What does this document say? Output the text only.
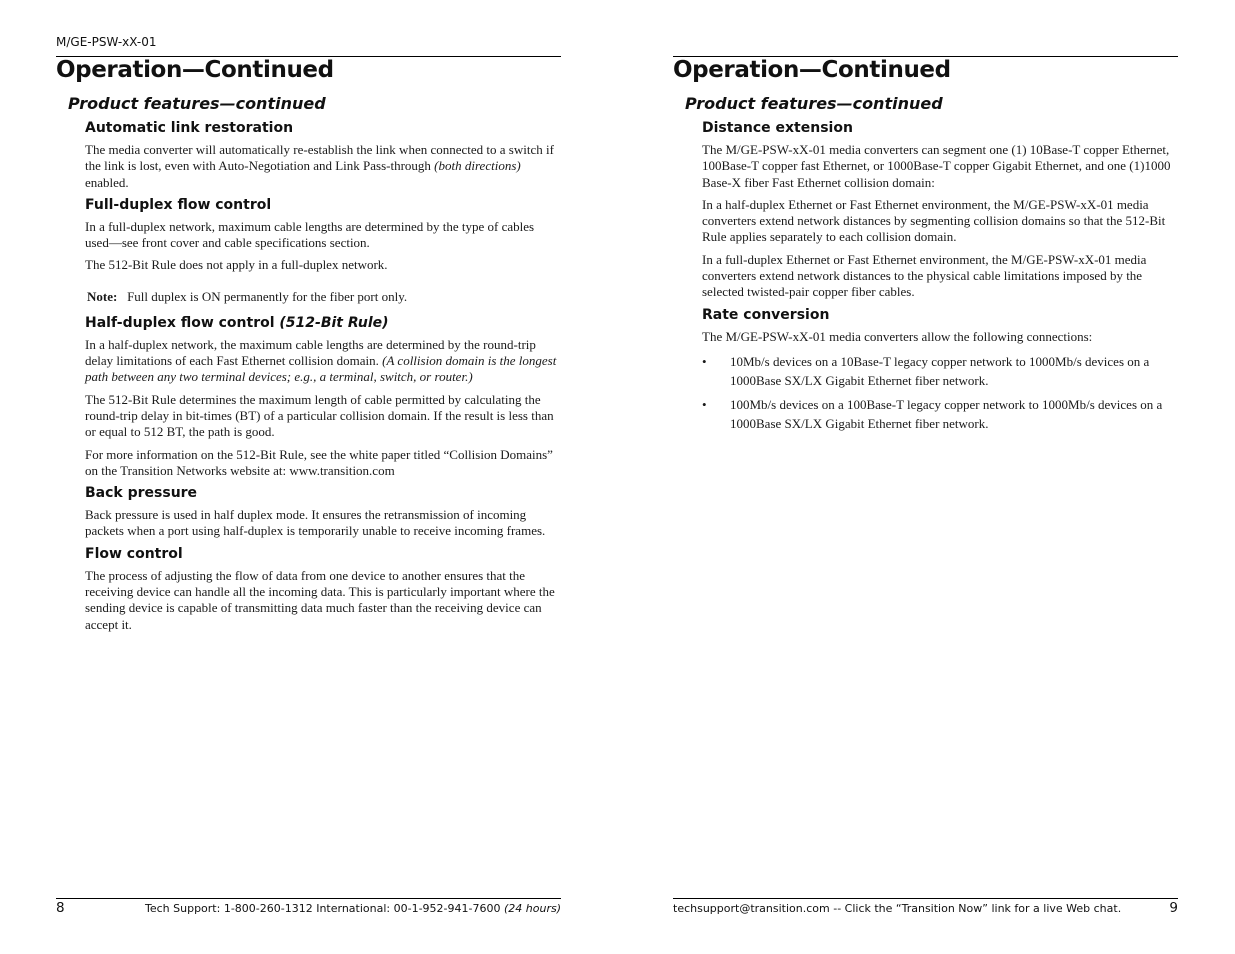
M/GE-PSW-xX-01
Operation—Continued
Product features—continued
Automatic link restoration

The media converter will automatically re-establish the link when connected to a switch if the link is lost, even with Auto-Negotiation and Link Pass-through (both directions) enabled.

Full-duplex flow control

In a full-duplex network, maximum cable lengths are determined by the type of cables used—see front cover and cable specifications section.

The 512-Bit Rule does not apply in a full-duplex network.

Note: Full duplex is ON permanently for the fiber port only.

Half-duplex flow control (512-Bit Rule)

In a half-duplex network, the maximum cable lengths are determined by the round-trip delay limitations of each Fast Ethernet collision domain. (A collision domain is the longest path between any two terminal devices; e.g., a terminal, switch, or router.)

The 512-Bit Rule determines the maximum length of cable permitted by calculating the round-trip delay in bit-times (BT) of a particular collision domain. If the result is less than or equal to 512 BT, the path is good.

For more information on the 512-Bit Rule, see the white paper titled “Collision Domains” on the Transition Networks website at: www.transition.com

Back pressure

Back pressure is used in half duplex mode. It ensures the retransmission of incoming packets when a port using half-duplex is temporarily unable to receive incoming frames.

Flow control

The process of adjusting the flow of data from one device to another ensures that the receiving device can handle all the incoming data. This is particularly important where the sending device is capable of transmitting data much faster than the receiving device can accept it.

8	Tech Support: 1-800-260-1312 International: 00-1-952-941-7600 (24 hours)
Operation—Continued
Product features—continued
Distance extension

The M/GE-PSW-xX-01 media converters can segment one (1) 10Base-T copper Ethernet, 100Base-T copper fast Ethernet, or 1000Base-T copper Gigabit Ethernet, and one (1)1000 Base-X fiber Fast Ethernet collision domain:

In a half-duplex Ethernet or Fast Ethernet environment, the M/GE-PSW-xX-01 media converters extend network distances by segmenting collision domains so that the 512-Bit Rule applies separately to each collision domain.

In a full-duplex Ethernet or Fast Ethernet environment, the M/GE-PSW-xX-01 media converters extend network distances to the physical cable limitations imposed by the selected twisted-pair copper fiber cables.

Rate conversion

The M/GE-PSW-xX-01 media converters allow the following connections:

• 10Mb/s devices on a 10Base-T legacy copper network to 1000Mb/s devices on a 1000Base SX/LX Gigabit Ethernet fiber network.
• 100Mb/s devices on a 100Base-T legacy copper network to 1000Mb/s devices on a 1000Base SX/LX Gigabit Ethernet fiber network.
techsupport@transition.com -- Click the “Transition Now” link for a live Web chat.	9
